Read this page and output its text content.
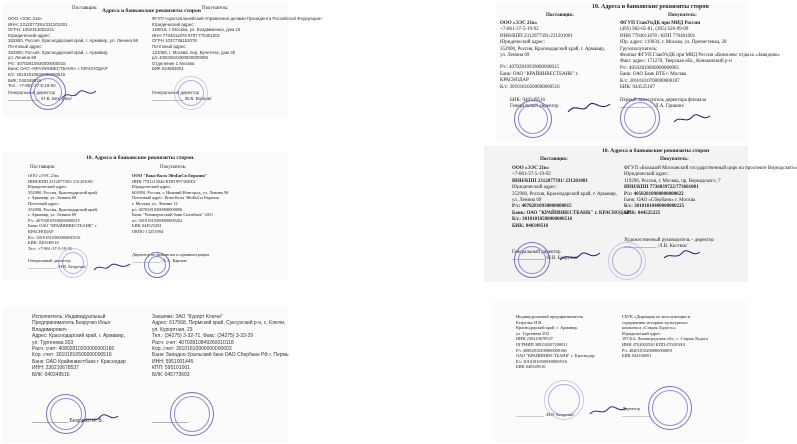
Поставщик: Адреса и банковские реквизиты сторон Покупатель:
ООО «ЭЭС 21в»
ИНН: 2312077391/231201001
ОГРН: 1092312002221
Юридический адрес:
352900, Россия, Краснодарский край, г. Армавир, ул. Ленина 69
Почтовый адрес:
352900, Россия, Краснодарский край, г. Армавир,
ул. Ленина 69
Р/с: 40702810930000000015
Банк: ОАО «КРАЙИНВЕСТБАНК» г. КРАСНОДАР
К/с: 30101810500000000516
БИК: 040349516
Тел.: +7-861-37-5-19-92
Генеральный директор
_____________ /Н.В. Безручко/
ФГУП «Центральнейский Управление делами Президента Российской Федерации»
Юридический адрес:
119019, г. Москва, ул. Воздвиженка, дом 10
ИНН 7704011878 КПП 770401001
ОГРН 1037739152078
Почтовый адрес:
121069, г. Москва, пер. Вучетича, дом 30
р/с 40502810400000000006
Отделение 1 Москва
БИК 044583001
Генеральный директор
_____________ /В.В. Волков/
10. Адреса и банковские реквизиты сторон
Поставщик:	Покупатель:
ООО «ЭЭС 21в»
+7-861-37-5-19-92
ИНН/КПП 2312077391/231201001
Юридический адрес:
352900, Россия, Краснодарский край, г. Армавир,
ул. Ленина 69
Р/с: 40702810930000000015
Банк: ОАО "КРАЙИНВЕСТБАНК" г.
КРАСНОДАР
К/с: 30101810500000000516
БИК: 040349516
Генеральный директор
ФГУП ГлавУпДК при МИД России
(495) 982-05-81, (495) 626-99-09
ИНН 7704011878 / КПП 770401001
Юр. адрес: 119034, г. Москва, ул. Пречистенка, 20
Грузополучатель:
Филиал ФГУП ГлавУпДК при МИД России «Комплекс отдыха «Завидово»
Факт. адрес: 171270, Тверская обл., Конаковский р-н
Р/с: 40502810600000000005
Банк: ОАО Банк ВТБ г. Москва
К/с: 30101810700000000187
БИК: 044525187
Первый заместитель директора филиала
_____________ /Л.А. Гришин/
10. Адреса и банковские реквизиты сторон.
Поставщик:	Покупатель:
ООО «ЭЭС 21в»
ИНН/КПП 2312077391/ 231201001
Юридический адрес:
352900, Россия, Краснодарский край,
г. Армавир, ул. Ленина 69
Почтовый адрес:
352900, Россия, Краснодарский край,
г. Армавир, ул. Ленина 69
Р/с: 40702810930000000015
Банк: ОАО "КРАЙИНВЕСТБАНК" г.
КРАСНОДАР
К/с: 30101810500000000516
БИК: 040349516
Тел.: +7-861-37-5-19-92
Генеральный директор
_____________ /Н.В. Безручко/
ООО "Кока-Кола ЭйчБиСи Евразия"
ИНН 7701215046 КПП 997350001
Юридический адрес:
603950, Россия, г. Нижний Новгород, ул. Ленина 96
Почтовый адрес: Кока-Кола ЭйчБиСи Евразия
г. Москва, ул. Ленина 12
р/с 40702810400000000006
Банк: "Коммерческий банк Ситибанк" ЗАО
к/с 30101810300000000202
БИК 044525202
ОКПО 13251904
Директор по финансам и администрации
_____________ /А.А. Карпов/
10. Адреса и банковские реквизиты сторон
Поставщик:	Покупатель:
ООО «ЭЭС 21в»
+7-861-37-5-19-92
ИНН/КПП 2312077391/ 231201001
Юридический адрес:
352900, Россия, Краснодарский край, г. Армавир,
ул. Ленина 69
Р/с: 40702810930000000015
Банк: ОАО "КРАЙИНВЕСТБАНК" г. КРАСНОДАР
К/с: 30101810500000000516
БИК: 040349516
Генеральный директор
_____________ /Н.В. Безручко/
ФГУП «Большой Московский государственный цирк на проспекте Вернадского»
Юридический адрес:
119296, Россия, г. Москва, пр. Вернадского, 7
ИНН/КПП 7736039722/773601001
Р/с: 40502810900000000022
Банк: ОАО «Сбербанк» г. Москва
К/с: 30101810400000000225
БИК: 044525225
Художественный руководитель - директор
_____________ /Л.В. Костюк/
Исполнитель: Индивидуальный
Предприниматель Безручко Илья
Владимирович
Адрес: Краснодарский край, г. Армавир,
ул. Тургенева 203
Расч. счет: 40802810200000000166
Кор. счет: 30101810500000000516
Банк: ОАО Крайинвестбанк г. Краснодар
ИНН: 230210678537
БИК: 040349516
_____________ Безручко И. В.
Заказчик: ЗАО "Курорт Ключи"
Адрес: 617568, Пермский край, Суксунский р-н, с. Ключи,
ул. Курортная, 23
Тел.: (34275) 3-32-71, Факс: (34275) 3-33-29
Расч. счет: 40702810849260010118
Кор. счет: 30101810900000000603
Банк: Западно-Уральский банк ОАО Сбербанк РФ г. Пермь
ИНН: 5951001445
КПП: 595101001
БИК: 045773603
_____________
Индивидуальный предприниматель
Безручко И.В.
Краснодарский край, г. Армавир,
ул. Тургенева 203
ИНН 230210678537
ОГРНИП 309230207200011
Р/с 40802810200000000166
ОАО "КРАЙИНВЕСТБАНК" г. Краснодар
К/с 30101810500000000516
БИК 040349516
_____________ /И.В. Безручко/
ГБУК «Дирекция по эксплуатации и
содержанию историко-культурного
комплекса «Старая Ладога»»
Юридический адрес:
187412, Ленинградская обл., с. Старая Ладога
ИНН 4702002520 КПП 470201001
Р/с 40201810200000000001
БИК 044106001
Директор
_____________
